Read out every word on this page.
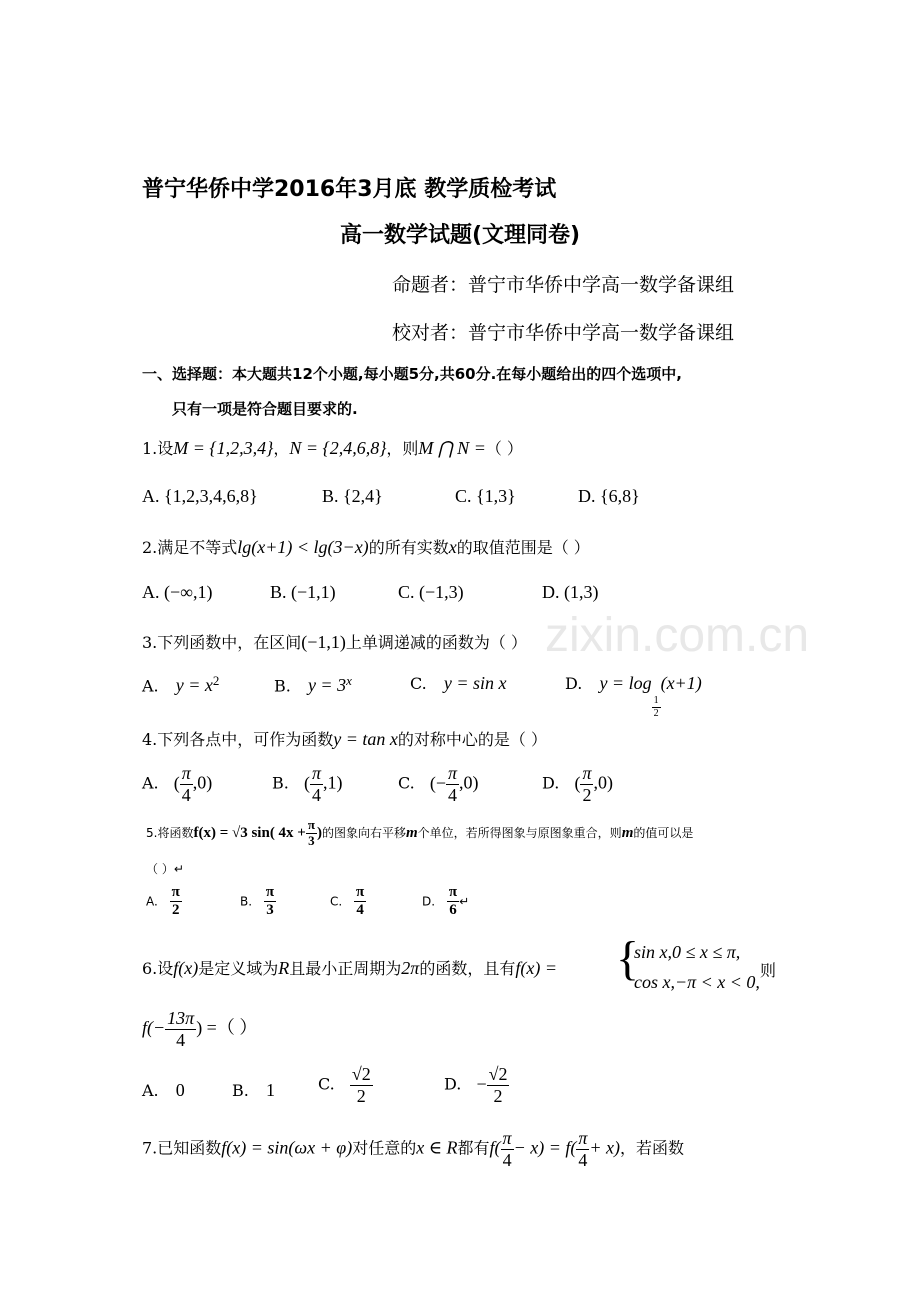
zixin.com.cn
普宁华侨中学2016年3月底 教学质检考试
高一数学试题(文理同卷)
命题者：普宁市华侨中学高一数学备课组
校对者：普宁市华侨中学高一数学备课组
一、选择题：本大题共12个小题,每小题5分,共60分.在每小题给出的四个选项中,
只有一项是符合题目要求的.
1.设M = {1,2,3,4}，N = {2,4,6,8}，则M ⋂ N =（ ）
A. {1,2,3,4,6,8}	B. {2,4}	C. {1,3}	D. {6,8}
2.满足不等式lg(x+1) < lg(3−x)的所有实数x的取值范围是（ ）
A. (−∞,1)	B. (−1,1)	C. (−1,3)	D. (1,3)
3.下列函数中，在区间(−1,1)上单调递减的函数为（ ）
A. $y = x^2$	B. $y = 3^x$	C. y = sin x	D. y = log
$\frac{1}{2}$
(x+1)
4.下列各点中，可作为函数y = tan x的对称中心的是（ ）
A. ( $\frac{\pi}{4} ,0$)	B. ( $\frac{\pi}{4} ,1$)	C. (− $\frac{\pi}{4} ,0$)	D. ( $\frac{\pi}{2} ,0$)
5.将函数f(x) = √3 sin( $4x + \frac{\pi}{3}$ )的图象向右平移m个单位，若所得图象与原图象重合，则m的值可以是
（ ）↵
A. $\frac{\pi}{2}$	B. $\frac{\pi}{3}$	C. $\frac{\pi}{4}$	D. $\frac{\pi}{6}$ ↵
6.设f(x)是定义域为R且最小正周期为2π的函数，且有f(x) = {
sin x,0 ≤ x ≤ π,
cos x,−π < x < 0,
则
$f(- \frac{13\pi}{4}$ ) =（ ）
A. 0	B. 1	C. $\frac{√2}{2}$	D. − $\frac{√2}{2}$
7.已知函数f(x) = sin(ωx + φ)对任意的x ∈ R都有$f( \frac{\pi}{4} - x) = f( \frac{\pi}{4} + x)$，若函数
